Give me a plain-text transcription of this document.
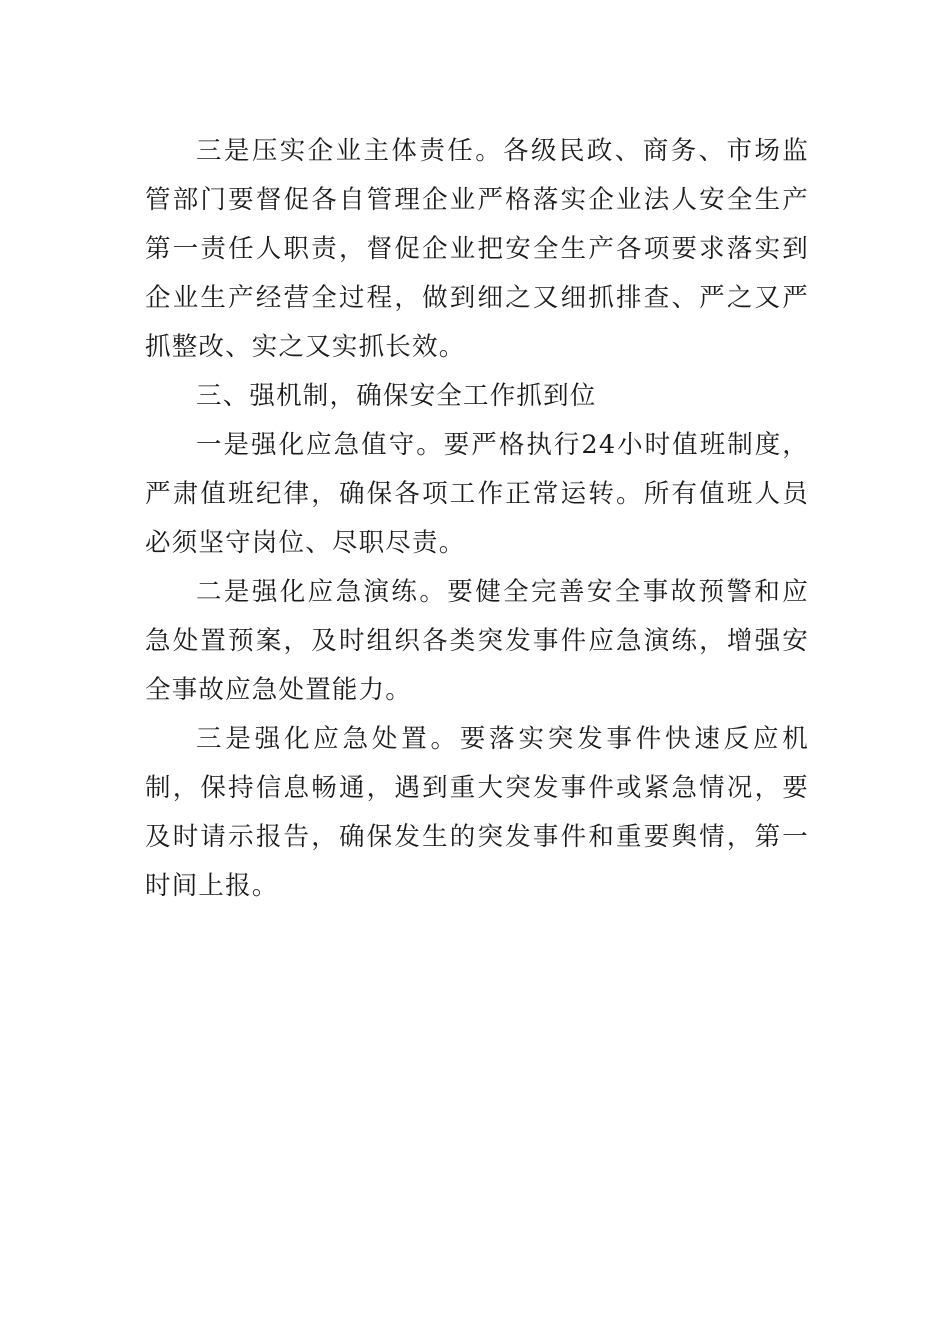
三是压实企业主体责任。各级民政、商务、市场监管部门要督促各自管理企业严格落实企业法人安全生产第一责任人职责，督促企业把安全生产各项要求落实到企业生产经营全过程，做到细之又细抓排查、严之又严抓整改、实之又实抓长效。

三、强机制，确保安全工作抓到位

一是强化应急值守。要严格执行24小时值班制度，严肃值班纪律，确保各项工作正常运转。所有值班人员必须坚守岗位、尽职尽责。

二是强化应急演练。要健全完善安全事故预警和应急处置预案，及时组织各类突发事件应急演练，增强安全事故应急处置能力。

三是强化应急处置。要落实突发事件快速反应机制，保持信息畅通，遇到重大突发事件或紧急情况，要及时请示报告，确保发生的突发事件和重要舆情，第一时间上报。
